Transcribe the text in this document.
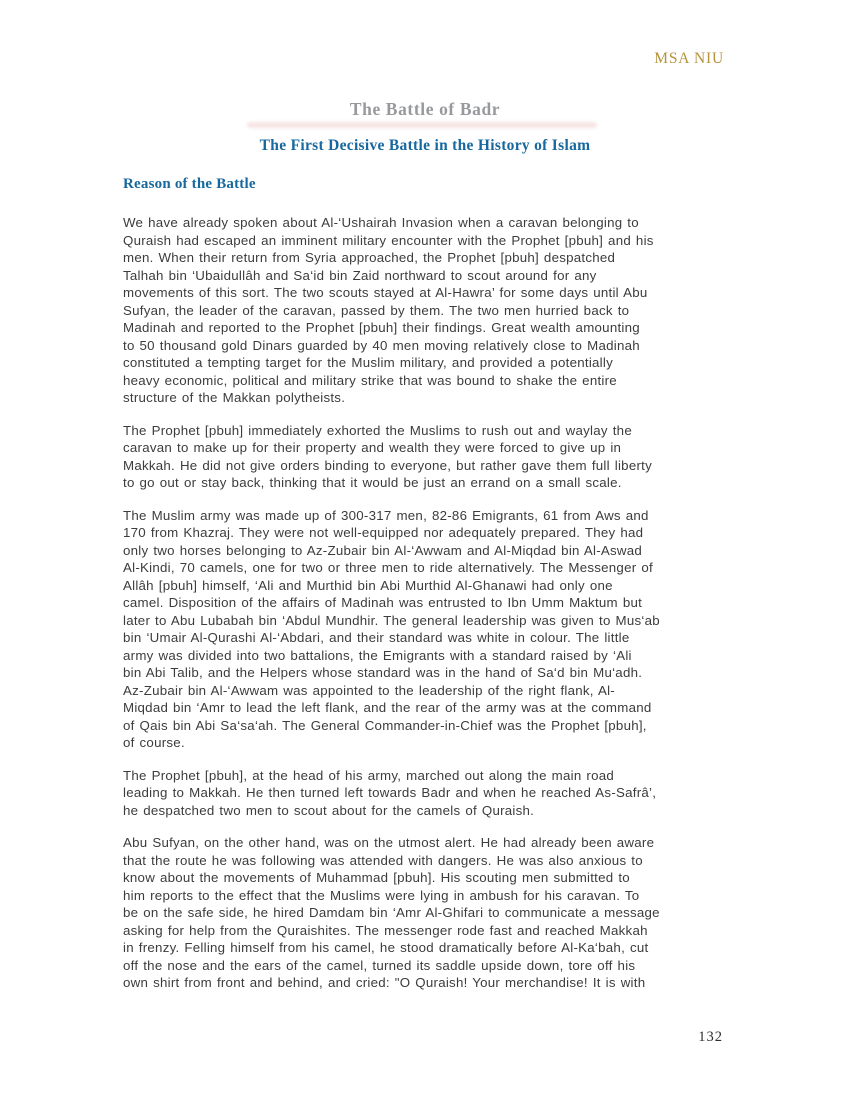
MSA NIU
The Battle of Badr
The First Decisive Battle in the History of Islam
Reason of the Battle

We have already spoken about Al-‘Ushairah Invasion when a caravan belonging to
Quraish had escaped an imminent military encounter with the Prophet [pbuh] and his
men. When their return from Syria approached, the Prophet [pbuh] despatched
Talhah bin ‘Ubaidullâh and Sa‘id bin Zaid northward to scout around for any
movements of this sort. The two scouts stayed at Al-Hawra’ for some days until Abu
Sufyan, the leader of the caravan, passed by them. The two men hurried back to
Madinah and reported to the Prophet [pbuh] their findings. Great wealth amounting
to 50 thousand gold Dinars guarded by 40 men moving relatively close to Madinah
constituted a tempting target for the Muslim military, and provided a potentially
heavy economic, political and military strike that was bound to shake the entire
structure of the Makkan polytheists.

The Prophet [pbuh] immediately exhorted the Muslims to rush out and waylay the
caravan to make up for their property and wealth they were forced to give up in
Makkah. He did not give orders binding to everyone, but rather gave them full liberty
to go out or stay back, thinking that it would be just an errand on a small scale.

The Muslim army was made up of 300-317 men, 82-86 Emigrants, 61 from Aws and
170 from Khazraj. They were not well-equipped nor adequately prepared. They had
only two horses belonging to Az-Zubair bin Al-‘Awwam and Al-Miqdad bin Al-Aswad
Al-Kindi, 70 camels, one for two or three men to ride alternatively. The Messenger of
Allâh [pbuh] himself, ‘Ali and Murthid bin Abi Murthid Al-Ghanawi had only one
camel. Disposition of the affairs of Madinah was entrusted to Ibn Umm Maktum but
later to Abu Lubabah bin ‘Abdul Mundhir. The general leadership was given to Mus‘ab
bin ‘Umair Al-Qurashi Al-‘Abdari, and their standard was white in colour. The little
army was divided into two battalions, the Emigrants with a standard raised by ‘Ali
bin Abi Talib, and the Helpers whose standard was in the hand of Sa‘d bin Mu‘adh.
Az-Zubair bin Al-‘Awwam was appointed to the leadership of the right flank, Al-
Miqdad bin ‘Amr to lead the left flank, and the rear of the army was at the command
of Qais bin Abi Sa‘sa‘ah. The General Commander-in-Chief was the Prophet [pbuh],
of course.

The Prophet [pbuh], at the head of his army, marched out along the main road
leading to Makkah. He then turned left towards Badr and when he reached As-Safrâ’,
he despatched two men to scout about for the camels of Quraish.

Abu Sufyan, on the other hand, was on the utmost alert. He had already been aware
that the route he was following was attended with dangers. He was also anxious to
know about the movements of Muhammad [pbuh]. His scouting men submitted to
him reports to the effect that the Muslims were lying in ambush for his caravan. To
be on the safe side, he hired Damdam bin ‘Amr Al-Ghifari to communicate a message
asking for help from the Quraishites. The messenger rode fast and reached Makkah
in frenzy. Felling himself from his camel, he stood dramatically before Al-Ka‘bah, cut
off the nose and the ears of the camel, turned its saddle upside down, tore off his
own shirt from front and behind, and cried: "O Quraish! Your merchandise! It is with

132
